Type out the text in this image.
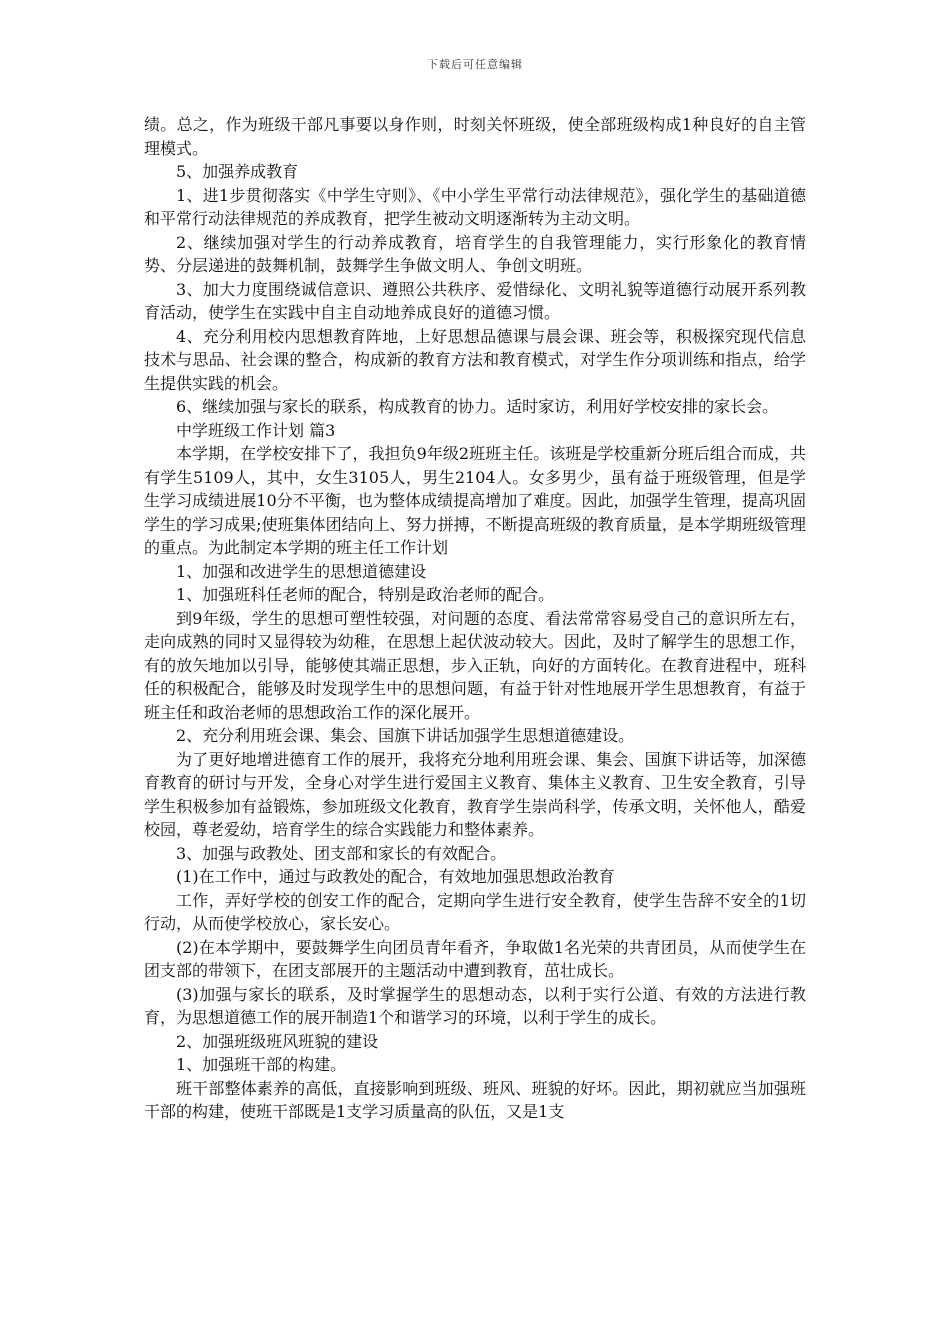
下载后可任意编辑

绩。总之，作为班级干部凡事要以身作则，时刻关怀班级，使全部班级构成1种良好的自主管理模式。

5、加强养成教育

1、进1步贯彻落实《中学生守则》、《中小学生平常行动法律规范》，强化学生的基础道德和平常行动法律规范的养成教育，把学生被动文明逐渐转为主动文明。

2、继续加强对学生的行动养成教育，培育学生的自我管理能力，实行形象化的教育情势、分层递进的鼓舞机制，鼓舞学生争做文明人、争创文明班。

3、加大力度围绕诚信意识、遵照公共秩序、爱惜绿化、文明礼貌等道德行动展开系列教育活动，使学生在实践中自主自动地养成良好的道德习惯。

4、充分利用校内思想教育阵地，上好思想品德课与晨会课、班会等，积极探究现代信息技术与思品、社会课的整合，构成新的教育方法和教育模式，对学生作分项训练和指点，给学生提供实践的机会。

6、继续加强与家长的联系，构成教育的协力。适时家访，利用好学校安排的家长会。

中学班级工作计划 篇3

本学期，在学校安排下了，我担负9年级2班班主任。该班是学校重新分班后组合而成，共有学生5109人，其中，女生3105人，男生2104人。女多男少，虽有益于班级管理，但是学生学习成绩进展10分不平衡，也为整体成绩提高增加了难度。因此，加强学生管理，提高巩固学生的学习成果;使班集体团结向上、努力拼搏，不断提高班级的教育质量，是本学期班级管理的重点。为此制定本学期的班主任工作计划

1、加强和改进学生的思想道德建设

1、加强班科任老师的配合，特别是政治老师的配合。

到9年级，学生的思想可塑性较强，对问题的态度、看法常常容易受自己的意识所左右，走向成熟的同时又显得较为幼稚，在思想上起伏波动较大。因此，及时了解学生的思想工作，有的放矢地加以引导，能够使其端正思想，步入正轨，向好的方面转化。在教育进程中，班科任的积极配合，能够及时发现学生中的思想问题，有益于针对性地展开学生思想教育，有益于班主任和政治老师的思想政治工作的深化展开。

2、充分利用班会课、集会、国旗下讲话加强学生思想道德建设。

为了更好地增进德育工作的展开，我将充分地利用班会课、集会、国旗下讲话等，加深德育教育的研讨与开发，全身心对学生进行爱国主义教育、集体主义教育、卫生安全教育，引导学生积极参加有益锻炼，参加班级文化教育，教育学生崇尚科学，传承文明，关怀他人，酷爱校园，尊老爱幼，培育学生的综合实践能力和整体素养。

3、加强与政教处、团支部和家长的有效配合。

(1)在工作中，通过与政教处的配合，有效地加强思想政治教育

工作，弄好学校的创安工作的配合，定期向学生进行安全教育，使学生告辞不安全的1切行动，从而使学校放心，家长安心。

(2)在本学期中，要鼓舞学生向团员青年看齐，争取做1名光荣的共青团员，从而使学生在团支部的带领下，在团支部展开的主题活动中遭到教育，茁壮成长。

(3)加强与家长的联系，及时掌握学生的思想动态，以利于实行公道、有效的方法进行教育，为思想道德工作的展开制造1个和谐学习的环境，以利于学生的成长。

2、加强班级班风班貌的建设

1、加强班干部的构建。

班干部整体素养的高低，直接影响到班级、班风、班貌的好坏。因此，期初就应当加强班干部的构建，使班干部既是1支学习质量高的队伍，又是1支
